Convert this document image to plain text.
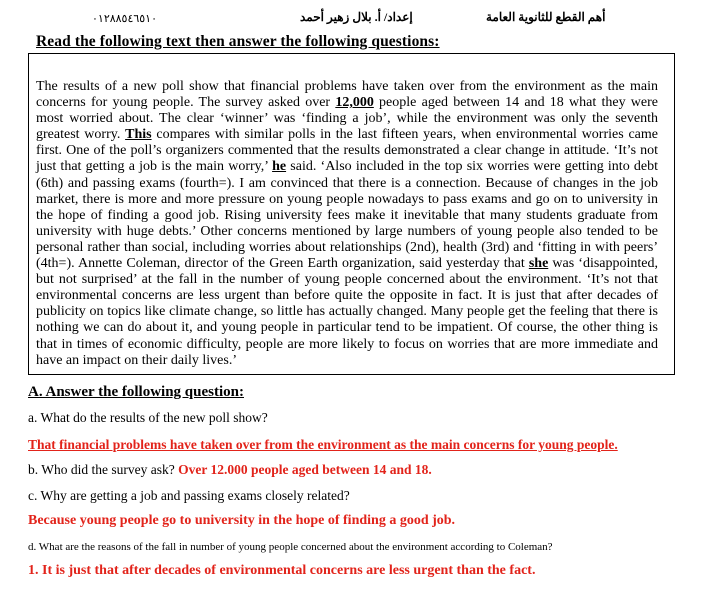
٠١٢٨٨٥٤٦٥١٠	إعداد/ أ. بلال زهير أحمد	أهم القطع للثانوية العامة
Read the following text then answer the following questions:
The results of a new poll show that financial problems have taken over from the environment as the main concerns for young people. The survey asked over 12,000 people aged between 14 and 18 what they were most worried about. The clear ‘winner’ was ‘finding a job’, while the environment was only the seventh greatest worry. This compares with similar polls in the last fifteen years, when environmental worries came first. One of the poll’s organizers commented that the results demonstrated a clear change in attitude. ‘It’s not just that getting a job is the main worry,’ he said. ‘Also included in the top six worries were getting into debt (6th) and passing exams (fourth=). I am convinced that there is a connection. Because of changes in the job market, there is more and more pressure on young people nowadays to pass exams and go on to university in the hope of finding a good job. Rising university fees make it inevitable that many students graduate from university with huge debts.’ Other concerns mentioned by large numbers of young people also tended to be personal rather than social, including worries about relationships (2nd), health (3rd) and ‘fitting in with peers’ (4th=). Annette Coleman, director of the Green Earth organization, said yesterday that she was ‘disappointed, but not surprised’ at the fall in the number of young people concerned about the environment. ‘It’s not that environmental concerns are less urgent than before quite the opposite in fact. It is just that after decades of publicity on topics like climate change, so little has actually changed. Many people get the feeling that there is nothing we can do about it, and young people in particular tend to be impatient. Of course, the other thing is that in times of economic difficulty, people are more likely to focus on worries that are more immediate and have an impact on their daily lives.’
A. Answer the following question:
a. What do the results of the new poll show?
That financial problems have taken over from the environment as the main concerns for young people.
b. Who did the survey ask? Over 12.000 people aged between 14 and 18.
c. Why are getting a job and passing exams closely related?
Because young people go to university in the hope of finding a good job.
d. What are the reasons of the fall in number of young people concerned about the environment according to Coleman?
1. It is just that after decades of environmental concerns are less urgent than the fact.
